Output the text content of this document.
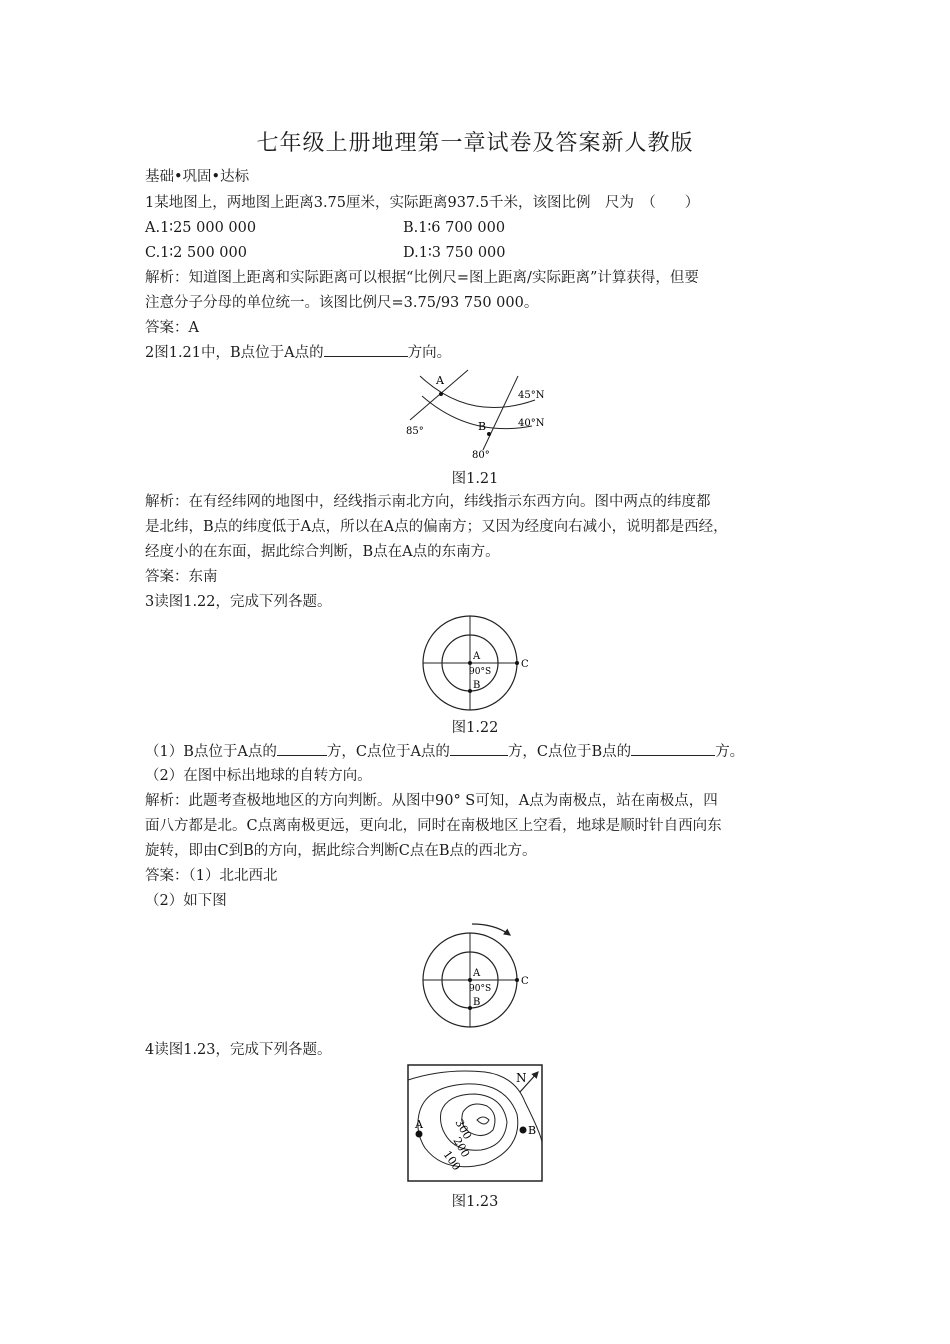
七年级上册地理第一章试卷及答案新人教版
基础•巩固•达标
1某地图上，两地图上距离3.75厘米，实际距离937.5千米，该图比例　尺为　（　　）
A.1∶25 000 000	B.1∶6 700 000
C.1∶2 500 000	D.1∶3 750 000
解析：知道图上距离和实际距离可以根据“比例尺=图上距离/实际距离”计算获得，但要
注意分子分母的单位统一。该图比例尺=3.75/93 750 000。
答案：A
2图1.21中，B点位于A点的	方向。
A
B
45°N
40°N
85°
80°
图1.21
解析：在有经纬网的地图中，经线指示南北方向，纬线指示东西方向。图中两点的纬度都
是北纬，B点的纬度低于A点，所以在A点的偏南方；又因为经度向右减小，说明都是西经，
经度小的在东面，据此综合判断，B点在A点的东南方。
答案：东南
3读图1.22，完成下列各题。
A
90°S
B
C
图1.22
（1）B点位于A点的	方，C点位于A点的	方，C点位于B点的	方。
（2）在图中标出地球的自转方向。
解析：此题考查极地地区的方向判断。从图中90° S可知，A点为南极点，站在南极点，四
面八方都是北。C点离南极更远，更向北，同时在南极地区上空看，地球是顺时针自西向东
旋转，即由C到B的方向，据此综合判断C点在B点的西北方。
答案：（1）北北西北
（2）如下图
A
90°S
B
C
4读图1.23，完成下列各题。
N
A	B
300
200
100
图1.23
